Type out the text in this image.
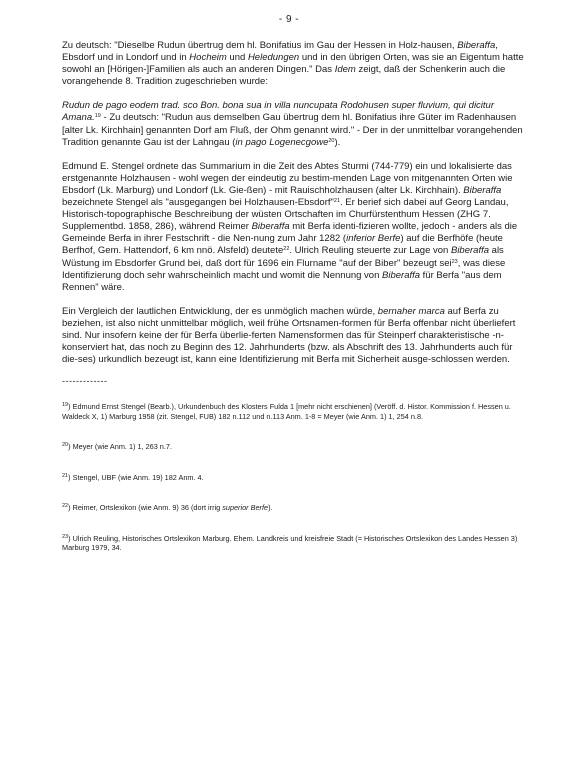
- 9 -

Zu deutsch: "Dieselbe Rudun übertrug dem hl. Bonifatius im Gau der Hessen in Holz-hausen, Biberaffa, Ebsdorf und in Londorf und in Hocheim und Heledungen und in den übrigen Orten, was sie an Eigentum hatte sowohl an [Hörigen-]Familien als auch an anderen Dingen." Das Idem zeigt, daß der Schenkerin auch die vorangehende 8. Tradition zugeschrieben wurde:

Rudun de pago eodem trad. sco Bon. bona sua in villa nuncupata Rodohusen super fluvium, qui dicitur Amana.$^{19}$ - Zu deutsch: "Rudun aus demselben Gau übertrug dem hl. Bonifatius ihre Güter im Radenhausen [alter Lk. Kirchhain] genannten Dorf am Fluß, der Ohm genannt wird." - Der in der unmittelbar vorangehenden Tradition genannte Gau ist der Lahngau (in pago Logenecgowe$^{20}$).

Edmund E. Stengel ordnete das Summarium in die Zeit des Abtes Sturmi (744-779) ein und lokalisierte das erstgenannte Holzhausen - wohl wegen der eindeutig zu bestim-menden Lage von mitgenannten Orten wie Ebsdorf (Lk. Marburg) und Londorf (Lk. Gie-ßen) - mit Rauischholzhausen (alter Lk. Kirchhain). Biberaffa bezeichnete Stengel als "ausgegangen bei Holzhausen-Ebsdorf"$^{21}$. Er berief sich dabei auf Georg Landau, Historisch-topographische Beschreibung der wüsten Ortschaften im Churfürstenthum Hessen (ZHG 7. Supplementbd. 1858, 286), während Reimer Biberaffa mit Berfa identi-fizieren wollte, jedoch - anders als die Gemeinde Berfa in ihrer Festschrift - die Nen-nung zum Jahr 1282 (inferior Berfe) auf die Berfhöfe (heute Berfhof, Gem. Hattendorf, 6 km nnö. Alsfeld) deutete$^{22}$. Ulrich Reuling steuerte zur Lage von Biberaffa als Wüstung im Ebsdorfer Grund bei, daß dort für 1696 ein Flurname "auf der Biber" bezeugt sei$^{23}$, was diese Identifizierung doch sehr wahrscheinlich macht und womit die Nennung von Biberaffa für Berfa "aus dem Rennen" wäre.

Ein Vergleich der lautlichen Entwicklung, der es unmöglich machen würde, bernaher marca auf Berfa zu beziehen, ist also nicht unmittelbar möglich, weil frühe Ortsnamen-formen für Berfa offenbar nicht überliefert sind. Nur insofern keine der für Berfa überlie-ferten Namensformen das für Steinperf charakteristische -n- konserviert hat, das noch zu Beginn des 12. Jahrhunderts (bzw. als Abschrift des 13. Jahrhunderts auch für die-ses) urkundlich bezeugt ist, kann eine Identifizierung mit Berfa mit Sicherheit ausge-schlossen werden.

-------------
$^{19}$) Edmund Ernst Stengel (Bearb.), Urkundenbuch des Klosters Fulda 1 [mehr nicht erschienen] (Veröff. d. Histor. Kommission f. Hessen u. Waldeck X, 1) Marburg 1958 (zit. Stengel, FUB) 182 n.112 und n.113 Anm. 1-8 = Meyer (wie Anm. 1) 1, 254 n.8.
$^{20}$) Meyer (wie Anm. 1) 1, 263 n.7.
$^{21}$) Stengel, UBF (wie Anm. 19) 182 Anm. 4.
$^{22}$) Reimer, Ortslexikon (wie Anm. 9) 36 (dort irrig superior Berfe).
$^{23}$) Ulrich Reuling, Historisches Ortslexikon Marburg. Ehem. Landkreis und kreisfreie Stadt (= Historisches Ortslexikon des Landes Hessen 3) Marburg 1979, 34.
